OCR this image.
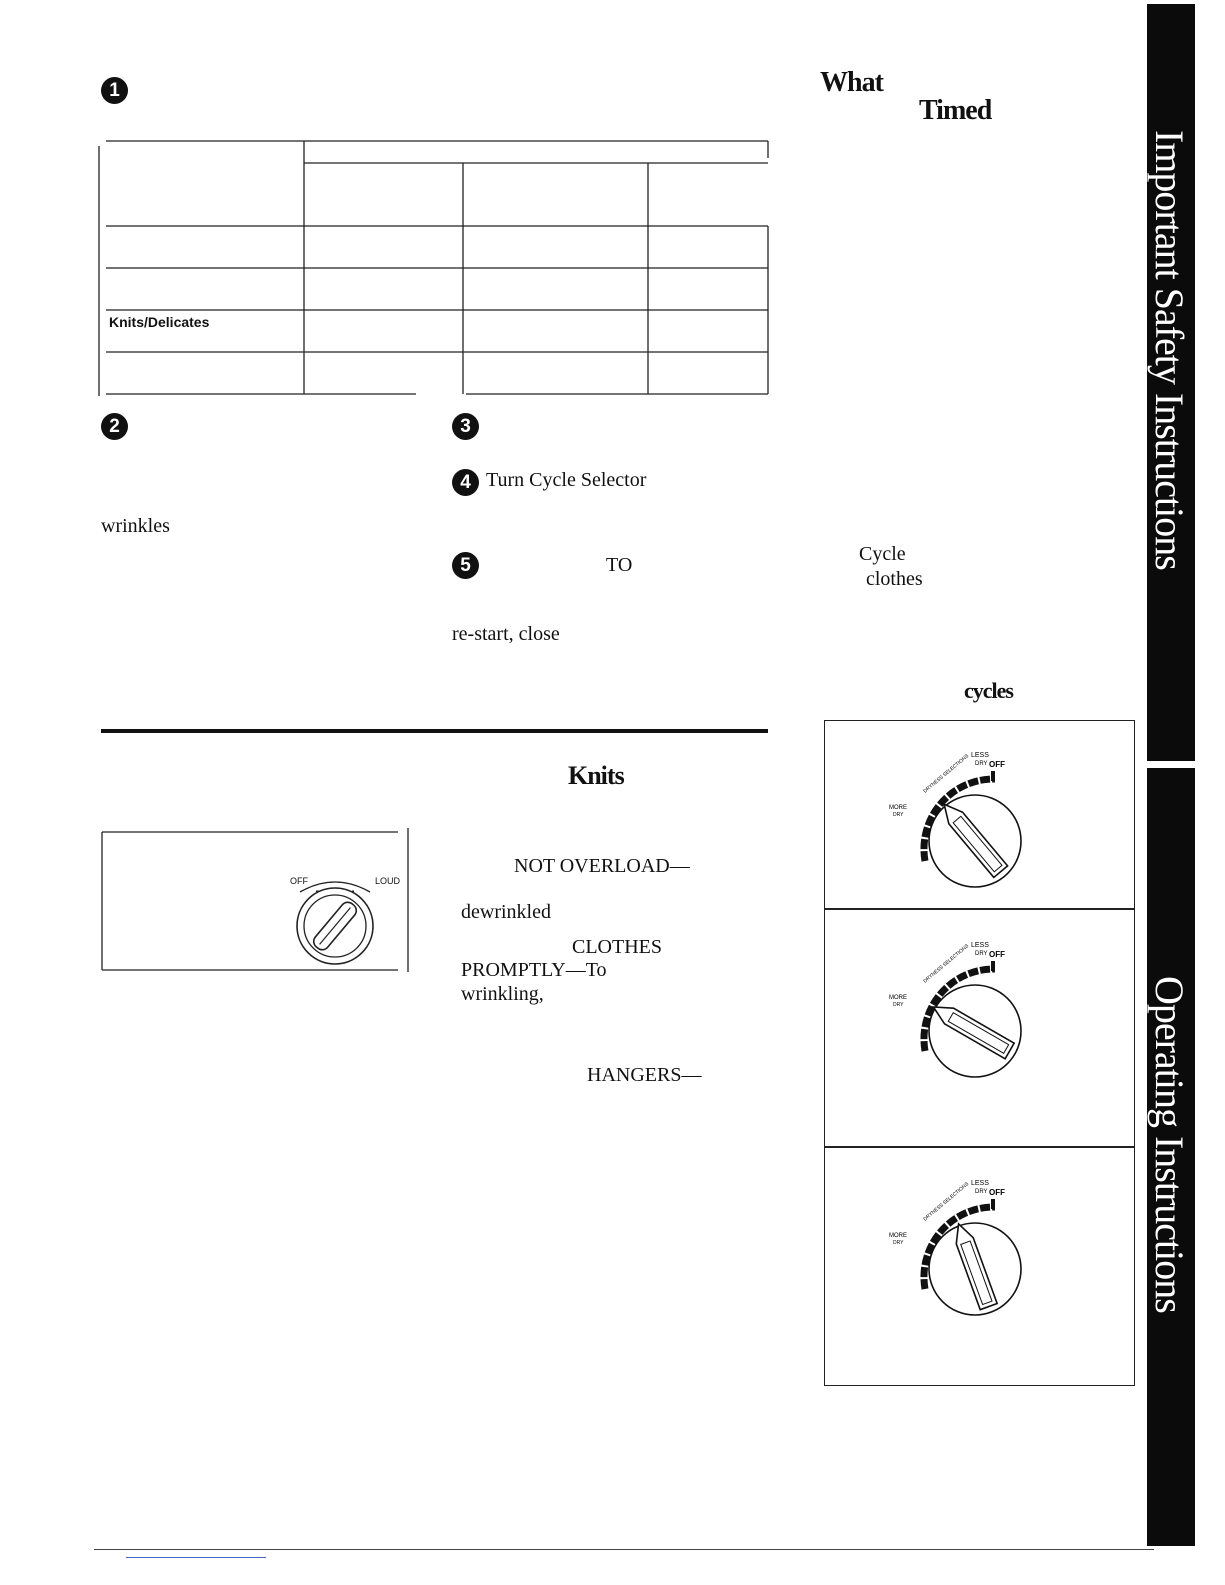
1
Knits/Delicates
2
wrinkles
3
4 Turn Cycle Selector
5	TO
re-start, close
What
Timed
Cycle
clothes
cycles
Knits
OFF	LOUD
NOT OVERLOAD—
dewrinkled
CLOTHES
PROMPTLY—To
wrinkling,
HANGERS—
LESS
DRY OFF
MORE
DRY
DRYNESS SELECTIONS
LESS
DRY OFF
MORE
DRY
DRYNESS SELECTIONS
LESS
DRY OFF
MORE
DRY
DRYNESS SELECTIONS
Important Safety Instructions
Operating Instructions
